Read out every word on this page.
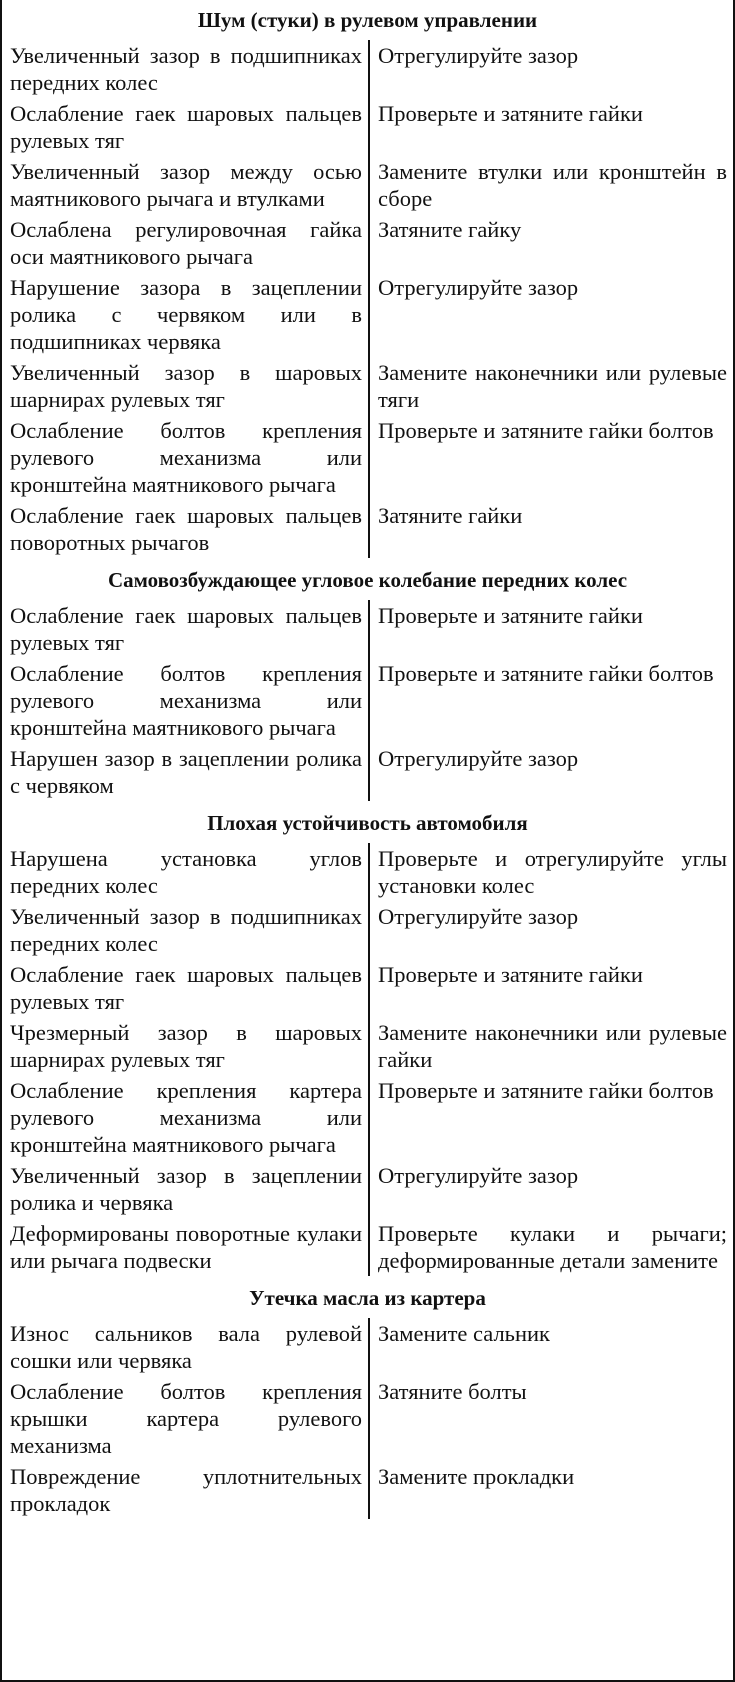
Шум (стуки) в рулевом управлении
Увеличенный зазор в подшипниках передних колес	Отрегулируйте зазор
Ослабление гаек шаровых пальцев рулевых тяг	Проверьте и затяните гайки
Увеличенный зазор между осью маятникового рычага и втулками	Замените втулки или кронштейн в сборе
Ослаблена регулировочная гайка оси маятникового рычага	Затяните гайку
Нарушение зазора в зацеплении ролика с червяком или в подшипниках червяка	Отрегулируйте зазор
Увеличенный зазор в шаровых шарнирах рулевых тяг	Замените наконечники или рулевые тяги
Ослабление болтов крепления рулевого механизма или кронштейна маятникового рычага	Проверьте и затяните гайки болтов
Ослабление гаек шаровых пальцев поворотных рычагов	Затяните гайки
Самовозбуждающее угловое колебание передних колес
Ослабление гаек шаровых пальцев рулевых тяг	Проверьте и затяните гайки
Ослабление болтов крепления рулевого механизма или кронштейна маятникового рычага	Проверьте и затяните гайки болтов
Нарушен зазор в зацеплении ролика с червяком	Отрегулируйте зазор
Плохая устойчивость автомобиля
Нарушена установка углов передних колес	Проверьте и отрегулируйте углы установки колес
Увеличенный зазор в подшипниках передних колес	Отрегулируйте зазор
Ослабление гаек шаровых пальцев рулевых тяг	Проверьте и затяните гайки
Чрезмерный зазор в шаровых шарнирах рулевых тяг	Замените наконечники или рулевые гайки
Ослабление крепления картера рулевого механизма или кронштейна маятникового рычага	Проверьте и затяните гайки болтов
Увеличенный зазор в зацеплении ролика и червяка	Отрегулируйте зазор
Деформированы поворотные кулаки или рычага подвески	Проверьте кулаки и рычаги; деформированные детали замените
Утечка масла из картера
Износ сальников вала рулевой сошки или червяка	Замените сальник
Ослабление болтов крепления крышки картера рулевого механизма	Затяните болты
Повреждение уплотнительных прокладок	Замените прокладки
